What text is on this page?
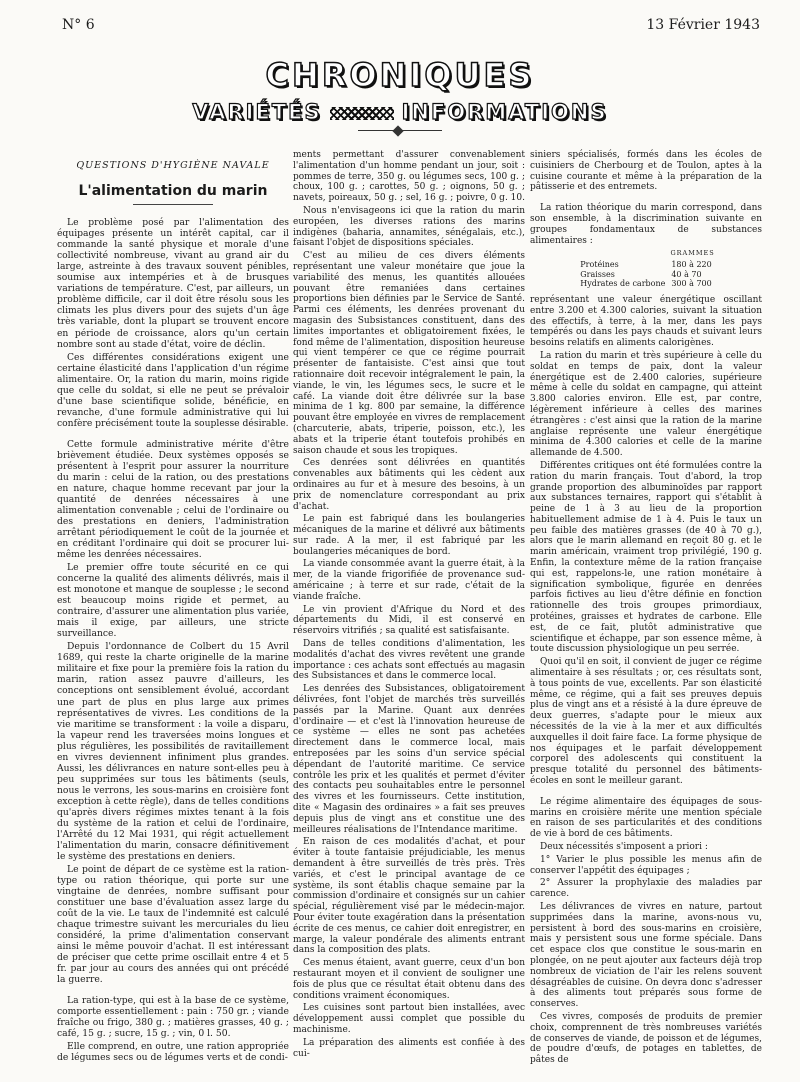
N° 6	13 Février 1943
CHRONIQUES
VARIÉTÉS	INFORMATIONS
QUESTIONS D'HYGIÈNE NAVALE
L'alimentation du marin

Le problème posé par l'alimentation des équipages présente un intérêt capital, car il commande la santé physique et morale d'une collectivité nombreuse, vivant au grand air du large, astreinte à des travaux souvent pénibles, soumise aux intempéries et à de brusques variations de température. C'est, par ailleurs, un problème difficile, car il doit être résolu sous les climats les plus divers pour des sujets d'un âge très variable, dont la plupart se trouvent encore en période de croissance, alors qu'un certain nombre sont au stade d'état, voire de déclin.

Ces différentes considérations exigent une certaine élasticité dans l'application d'un régime alimentaire. Or, la ration du marin, moins rigide que celle du soldat, si elle ne peut se prévaloir d'une base scientifique solide, bénéficie, en revanche, d'une formule administrative qui lui confère précisément toute la souplesse désirable.

Cette formule administrative mérite d'être brièvement étudiée. Deux systèmes opposés se présentent à l'esprit pour assurer la nourriture du marin : celui de la ration, ou des prestations en nature, chaque homme recevant par jour la quantité de denrées nécessaires à une alimentation convenable ; celui de l'ordinaire ou des prestations en deniers, l'administration arrêtant périodiquement le coût de la journée et en créditant l'ordinaire qui doit se procurer lui-même les denrées nécessaires.

Le premier offre toute sécurité en ce qui concerne la qualité des aliments délivrés, mais il est monotone et manque de souplesse ; le second est beaucoup moins rigide et permet, au contraire, d'assurer une alimentation plus variée, mais il exige, par ailleurs, une stricte surveillance.

Depuis l'ordonnance de Colbert du 15 Avril 1689, qui reste la charte originelle de la marine militaire et fixe pour la première fois la ration du marin, ration assez pauvre d'ailleurs, les conceptions ont sensiblement évolué, accordant une part de plus en plus large aux primes représentatives de vivres. Les conditions de la vie maritime se transforment : la voile a disparu, la vapeur rend les traversées moins longues et plus régulières, les possibilités de ravitaillement en vivres deviennent infiniment plus grandes. Aussi, les délivrances en nature sont-elles peu à peu supprimées sur tous les bâtiments (seuls, nous le verrons, les sous-marins en croisière font exception à cette règle), dans de telles conditions qu'après divers régimes mixtes tenant à la fois du système de la ration et celui de l'ordinaire, l'Arrêté du 12 Mai 1931, qui régit actuellement l'alimentation du marin, consacre définitivement le système des prestations en deniers.

Le point de départ de ce système est la ration-type ou ration théorique, qui porte sur une vingtaine de denrées, nombre suffisant pour constituer une base d'évaluation assez large du coût de la vie. Le taux de l'indemnité est calculé chaque trimestre suivant les mercuriales du lieu considéré, la prime d'alimentation conservant ainsi le même pouvoir d'achat. Il est intéressant de préciser que cette prime oscillait entre 4 et 5 fr. par jour au cours des années qui ont précédé la guerre.

La ration-type, qui est à la base de ce système, comporte essentiellement : pain : 750 gr. ; viande fraîche ou frigo, 380 g. ; matières grasses, 40 g. ; café, 15 g. ; sucre, 15 g. ; vin, 0 l. 50.

Elle comprend, en outre, une ration appropriée de légumes secs ou de légumes verts et de condi-

ments permettant d'assurer convenablement l'alimentation d'un homme pendant un jour, soit : pommes de terre, 350 g. ou légumes secs, 100 g. ; choux, 100 g. ; carottes, 50 g. ; oignons, 50 g. ; navets, poireaux, 50 g. ; sel, 16 g. ; poivre, 0 g. 10.

Nous n'envisageons ici que la ration du marin européen, les diverses rations des marins indigènes (baharia, annamites, sénégalais, etc.), faisant l'objet de dispositions spéciales.

C'est au milieu de ces divers éléments représentant une valeur monétaire que joue la variabilité des menus, les quantités allouées pouvant être remaniées dans certaines proportions bien définies par le Service de Santé. Parmi ces éléments, les denrées provenant du magasin des Subsistances constituent, dans des limites importantes et obligatoirement fixées, le fond même de l'alimentation, disposition heureuse qui vient tempérer ce que ce régime pourrait présenter de fantaisiste. C'est ainsi que tout rationnaire doit recevoir intégralement le pain, la viande, le vin, les légumes secs, le sucre et le café. La viande doit être délivrée sur la base minima de 1 kg. 800 par semaine, la différence pouvant être employée en vivres de remplacement (charcuterie, abats, triperie, poisson, etc.), les abats et la triperie étant toutefois prohibés en saison chaude et sous les tropiques.

Ces denrées sont délivrées en quantités convenables aux bâtiments qui les cèdent aux ordinaires au fur et à mesure des besoins, à un prix de nomenclature correspondant au prix d'achat.

Le pain est fabriqué dans les boulangeries mécaniques de la marine et délivré aux bâtiments sur rade. A la mer, il est fabriqué par les boulangeries mécaniques de bord.

La viande consommée avant la guerre était, à la mer, de la viande frigorifiée de provenance sud-américaine ; à terre et sur rade, c'était de la viande fraîche.

Le vin provient d'Afrique du Nord et des départements du Midi, il est conservé en réservoirs vitrifiés ; sa qualité est satisfaisante.

Dans de telles conditions d'alimentation, les modalités d'achat des vivres revêtent une grande importance : ces achats sont effectués au magasin des Subsistances et dans le commerce local.

Les denrées des Subsistances, obligatoirement délivrées, font l'objet de marchés très surveillés passés par la Marine. Quant aux denrées d'ordinaire — et c'est là l'innovation heureuse de ce système — elles ne sont pas achetées directement dans le commerce local, mais entreposées par les soins d'un service spécial dépendant de l'autorité maritime. Ce service contrôle les prix et les qualités et permet d'éviter des contacts peu souhaitables entre le personnel des vivres et les fournisseurs. Cette institution, dite « Magasin des ordinaires » a fait ses preuves depuis plus de vingt ans et constitue une des meilleures réalisations de l'Intendance maritime.

En raison de ces modalités d'achat, et pour éviter à toute fantaisie préjudiciable, les menus demandent à être surveillés de très près. Très variés, et c'est le principal avantage de ce système, ils sont établis chaque semaine par la commission d'ordinaire et consignés sur un cahier spécial, régulièrement visé par le médecin-major. Pour éviter toute exagération dans la présentation écrite de ces menus, ce cahier doit enregistrer, en marge, la valeur pondérale des aliments entrant dans la composition des plats.

Ces menus étaient, avant guerre, ceux d'un bon restaurant moyen et il convient de souligner une fois de plus que ce résultat était obtenu dans des conditions vraiment économiques.

Les cuisines sont partout bien installées, avec développement aussi complet que possible du machinisme.

La préparation des aliments est confiée à des cui-

siniers spécialisés, formés dans les écoles de cuisiniers de Cherbourg et de Toulon, aptes à la cuisine courante et même à la préparation de la pâtisserie et des entremets.

La ration théorique du marin correspond, dans son ensemble, à la discrimination suivante en groupes fondamentaux de substances alimentaires :

	GRAMMES
Protéines	180 à 220
Graisses	40 à 70
Hydrates de carbone	300 à 700

représentant une valeur énergétique oscillant entre 3.200 et 4.300 calories, suivant la situation des effectifs, à terre, à la mer, dans les pays tempérés ou dans les pays chauds et suivant leurs besoins relatifs en aliments calorigènes.

La ration du marin et très supérieure à celle du soldat en temps de paix, dont la valeur énergétique est de 2.400 calories, supérieure même à celle du soldat en campagne, qui atteint 3.800 calories environ. Elle est, par contre, légèrement inférieure à celles des marines étrangères : c'est ainsi que la ration de la marine anglaise représente une valeur énergétique minima de 4.300 calories et celle de la marine allemande de 4.500.

Différentes critiques ont été formulées contre la ration du marin français. Tout d'abord, la trop grande proportion des albuminoïdes par rapport aux substances ternaires, rapport qui s'établit à peine de 1 à 3 au lieu de la proportion habituellement admise de 1 à 4. Puis le taux un peu faible des matières grasses (de 40 à 70 g.), alors que le marin allemand en reçoit 80 g. et le marin américain, vraiment trop privilégié, 190 g. Enfin, la contexture même de la ration française qui est, rappelons-le, une ration monétaire à signification symbolique, figurée en denrées parfois fictives au lieu d'être définie en fonction rationnelle des trois groupes primordiaux, protéines, graisses et hydrates de carbone. Elle est, de ce fait, plutôt administrative que scientifique et échappe, par son essence même, à toute discussion physiologique un peu serrée.

Quoi qu'il en soit, il convient de juger ce régime alimentaire à ses résultats ; or, ces résultats sont, à tous points de vue, excellents. Par son élasticité même, ce régime, qui a fait ses preuves depuis plus de vingt ans et a résisté à la dure épreuve de deux guerres, s'adapte pour le mieux aux nécessités de la vie à la mer et aux difficultés auxquelles il doit faire face. La forme physique de nos équipages et le parfait développement corporel des adolescents qui constituent la presque totalité du personnel des bâtiments-écoles en sont le meilleur garant.

Le régime alimentaire des équipages de sous-marins en croisière mérite une mention spéciale en raison de ses particularités et des conditions de vie à bord de ces bâtiments.

Deux nécessités s'imposent a priori :

1° Varier le plus possible les menus afin de conserver l'appétit des équipages ;

2° Assurer la prophylaxie des maladies par carence.

Les délivrances de vivres en nature, partout supprimées dans la marine, avons-nous vu, persistent à bord des sous-marins en croisière, mais y persistent sous une forme spéciale. Dans cet espace clos que constitue le sous-marin en plongée, on ne peut ajouter aux facteurs déjà trop nombreux de viciation de l'air les relens souvent désagréables de cuisine. On devra donc s'adresser à des aliments tout préparés sous forme de conserves.

Ces vivres, composés de produits de premier choix, comprennent de très nombreuses variétés de conserves de viande, de poisson et de légumes, de poudre d'œufs, de potages en tablettes, de pâtes de
